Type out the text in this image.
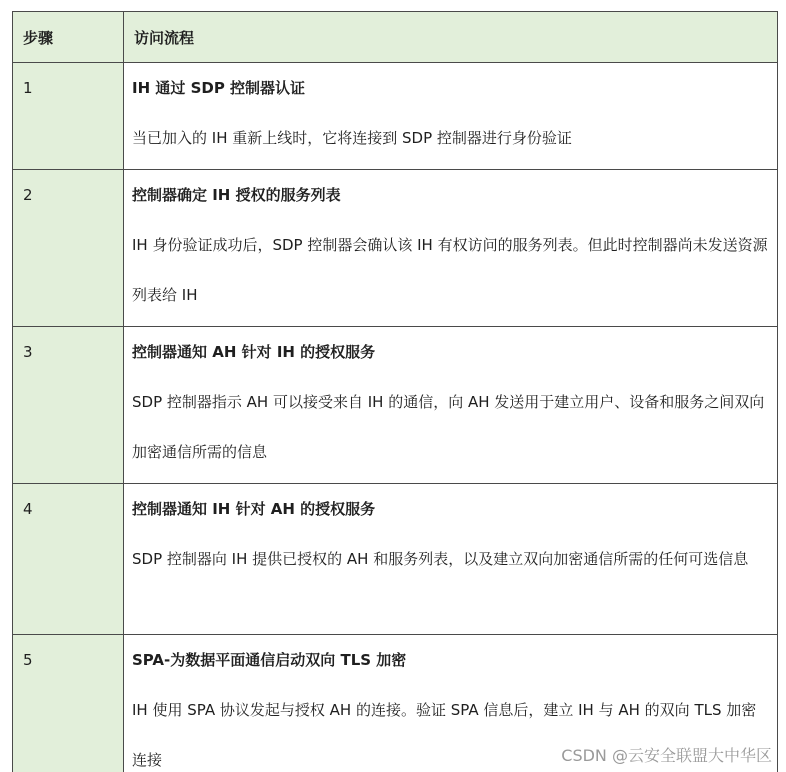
步骤	访问流程
1	IH 通过 SDP 控制器认证
当已加入的 IH 重新上线时，它将连接到 SDP 控制器进行身份验证

2	控制器确定 IH 授权的服务列表
IH 身份验证成功后，SDP 控制器会确认该 IH 有权访问的服务列表。但此时控制器尚未发送资源列表给 IH

3	控制器通知 AH 针对 IH 的授权服务
SDP 控制器指示 AH 可以接受来自 IH 的通信，向 AH 发送用于建立用户、设备和服务之间双向加密通信所需的信息

4	控制器通知 IH 针对 AH 的授权服务
SDP 控制器向 IH 提供已授权的 AH 和服务列表，以及建立双向加密通信所需的任何可选信息

5	SPA-为数据平面通信启动双向 TLS 加密
IH 使用 SPA 协议发起与授权 AH 的连接。验证 SPA 信息后，建立 IH 与 AH 的双向 TLS 加密连接	CSDN @云安全联盟大中华区
